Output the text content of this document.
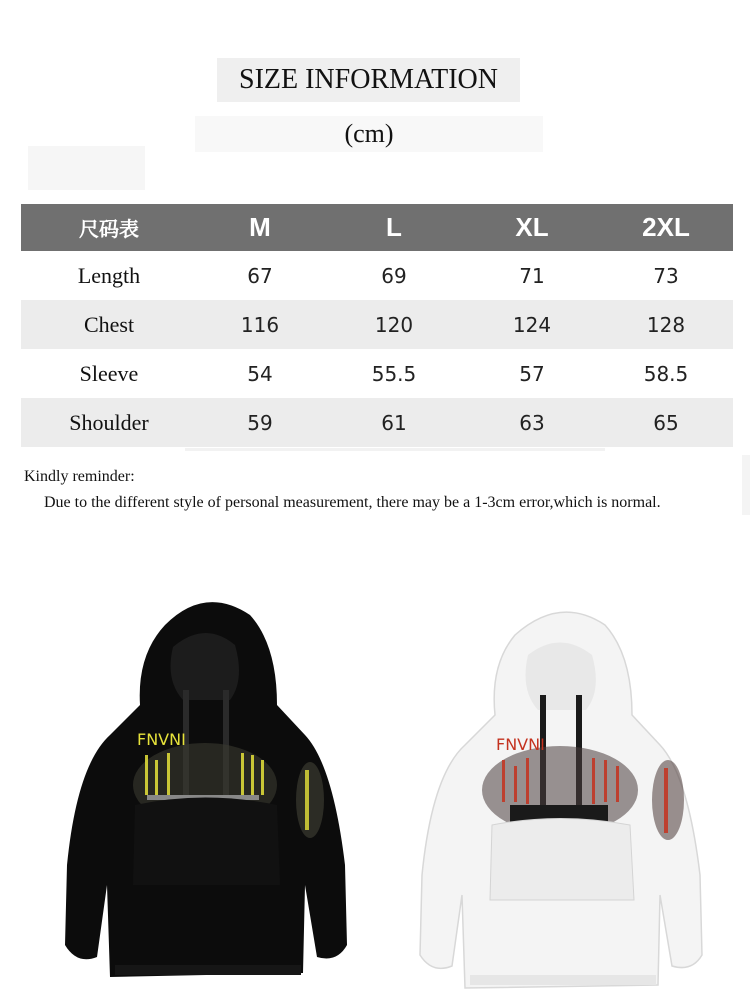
SIZE INFORMATION
(cm)
尺码表	M	L	XL	2XL
Length	67	69	71	73
Chest	116	120	124	128
Sleeve	54	55.5	57	58.5
Shoulder	59	61	63	65
Kindly reminder:
Due to the different style of personal measurement, there may be a 1-3cm error,which is normal.
FNVNI	FNVNI
